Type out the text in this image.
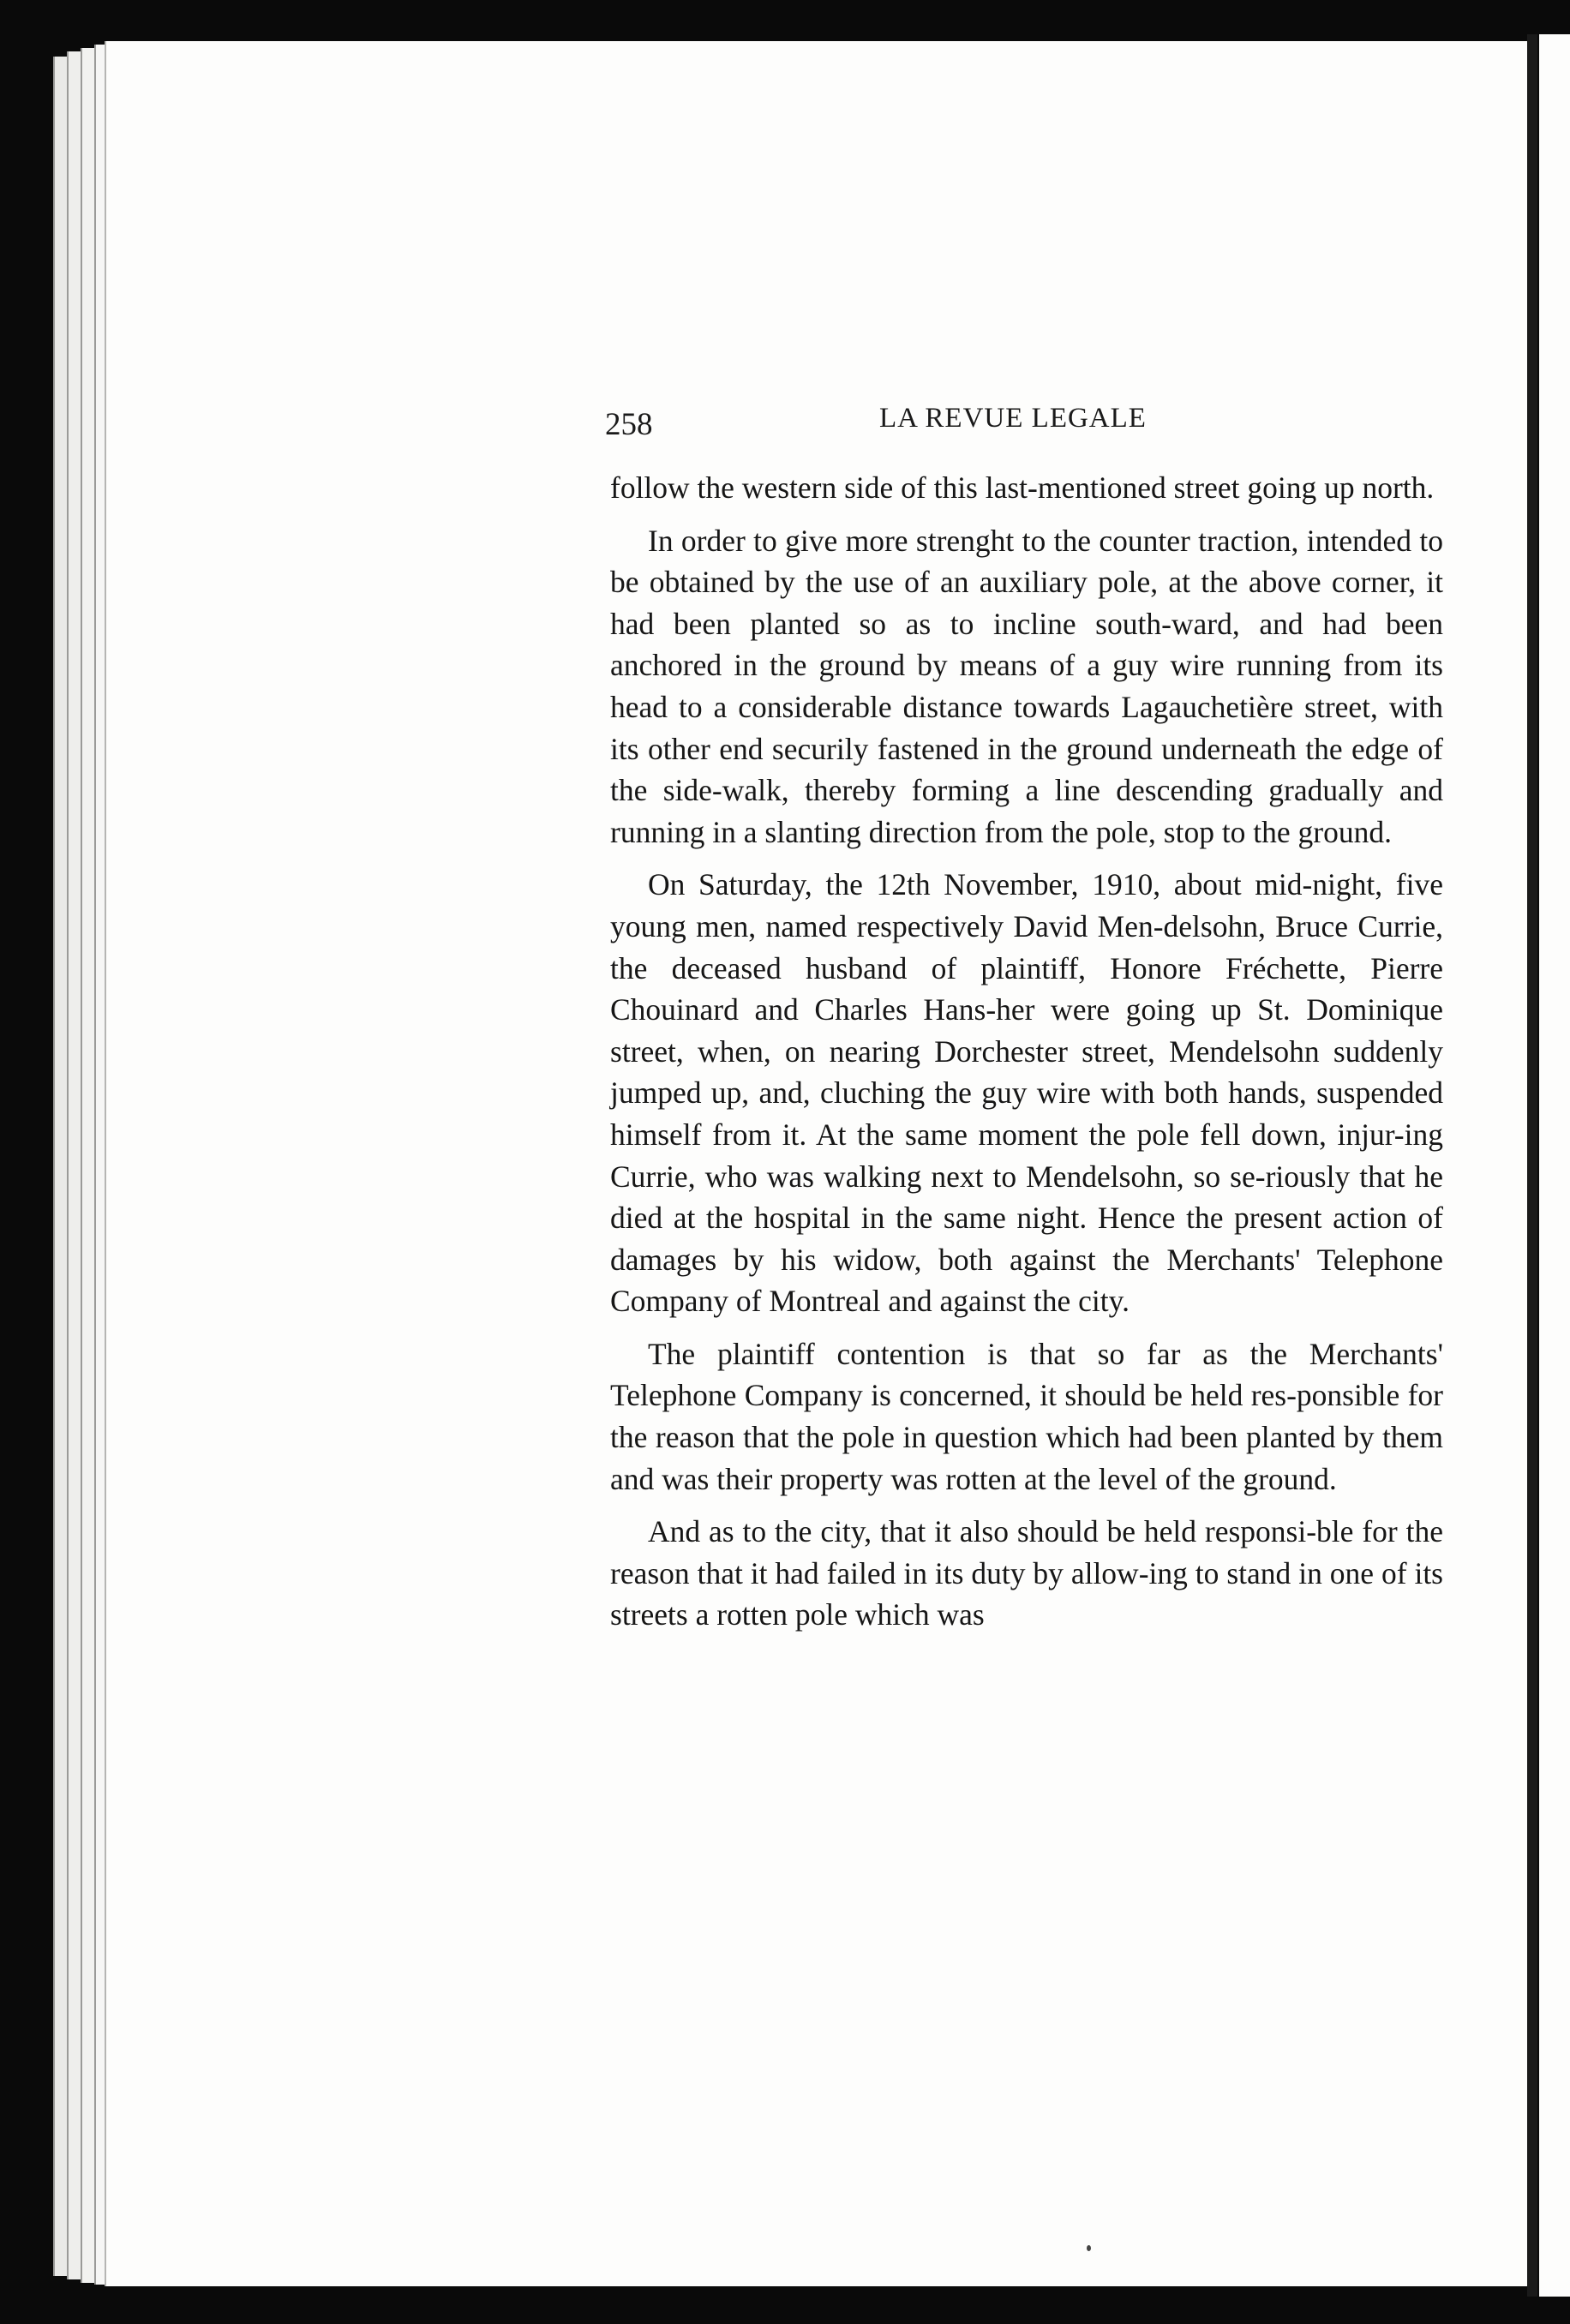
258	LA REVUE LEGALE

follow the western side of this last-mentioned street going up north.

In order to give more strenght to the counter traction, intended to be obtained by the use of an auxiliary pole, at the above corner, it had been planted so as to incline south-ward, and had been anchored in the ground by means of a guy wire running from its head to a considerable distance towards Lagauchetière street, with its other end securily fastened in the ground underneath the edge of the side-walk, thereby forming a line descending gradually and running in a slanting direction from the pole, stop to the ground.

On Saturday, the 12th November, 1910, about mid-night, five young men, named respectively David Men-delsohn, Bruce Currie, the deceased husband of plaintiff, Honore Fréchette, Pierre Chouinard and Charles Hans-her were going up St. Dominique street, when, on nearing Dorchester street, Mendelsohn suddenly jumped up, and, cluching the guy wire with both hands, suspended himself from it. At the same moment the pole fell down, injur-ing Currie, who was walking next to Mendelsohn, so se-riously that he died at the hospital in the same night. Hence the present action of damages by his widow, both against the Merchants' Telephone Company of Montreal and against the city.

The plaintiff contention is that so far as the Merchants' Telephone Company is concerned, it should be held res-ponsible for the reason that the pole in question which had been planted by them and was their property was rotten at the level of the ground.

And as to the city, that it also should be held responsi-ble for the reason that it had failed in its duty by allow-ing to stand in one of its streets a rotten pole which was
